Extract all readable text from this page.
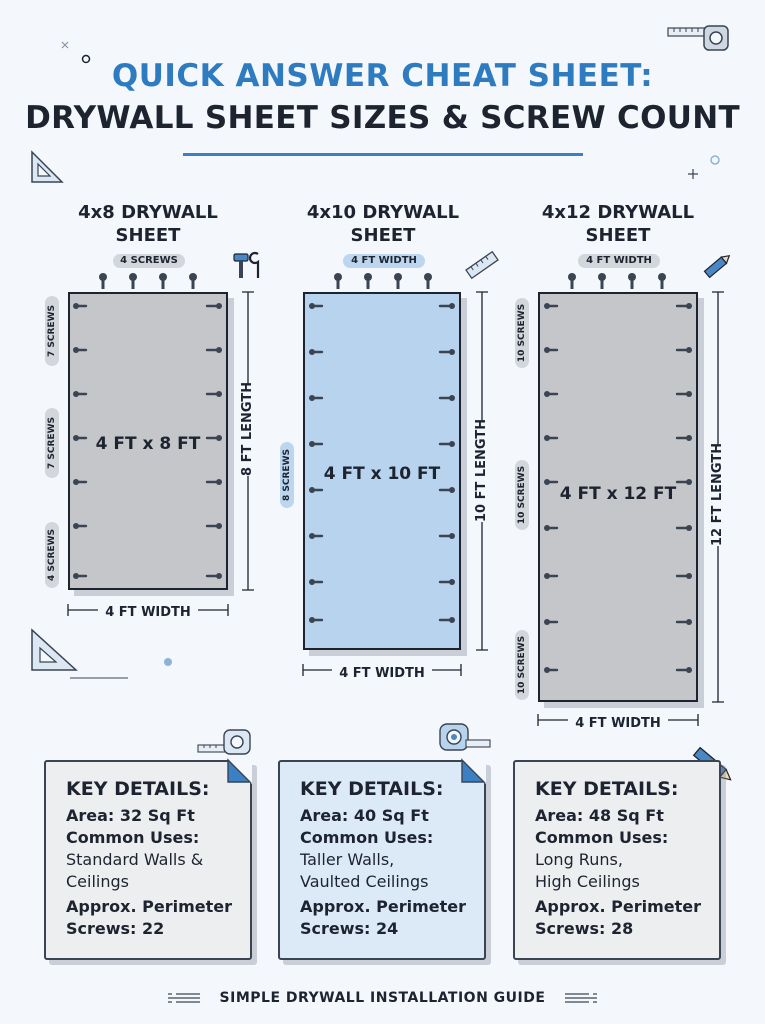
QUICK ANSWER CHEAT SHEET:
DRYWALL SHEET SIZES & SCREW COUNT
4x8 DRYWALL
SHEET
4 SCREWS
4 FT x 8 FT
7 SCREWS
7 SCREWS
4 SCREWS
8 FT LENGTH
4 FT WIDTH
4x10 DRYWALL
SHEET
4 FT WIDTH
4 FT x 10 FT
8 SCREWS	10 FT LENGTH
4 FT WIDTH
4x12 DRYWALL
SHEET
4 FT WIDTH
4 FT x 12 FT
10 SCREWS
10 SCREWS
10 SCREWS
12 FT LENGTH
4 FT WIDTH
KEY DETAILS:
Area: 32 Sq Ft
Common Uses:
Standard Walls &
Ceilings
Approx. Perimeter
Screws: 22
KEY DETAILS:
Area: 40 Sq Ft
Common Uses:
Taller Walls,
Vaulted Ceilings
Approx. Perimeter
Screws: 24
KEY DETAILS:
Area: 48 Sq Ft
Common Uses:
Long Runs,
High Ceilings
Approx. Perimeter
Screws: 28
SIMPLE DRYWALL INSTALLATION GUIDE
